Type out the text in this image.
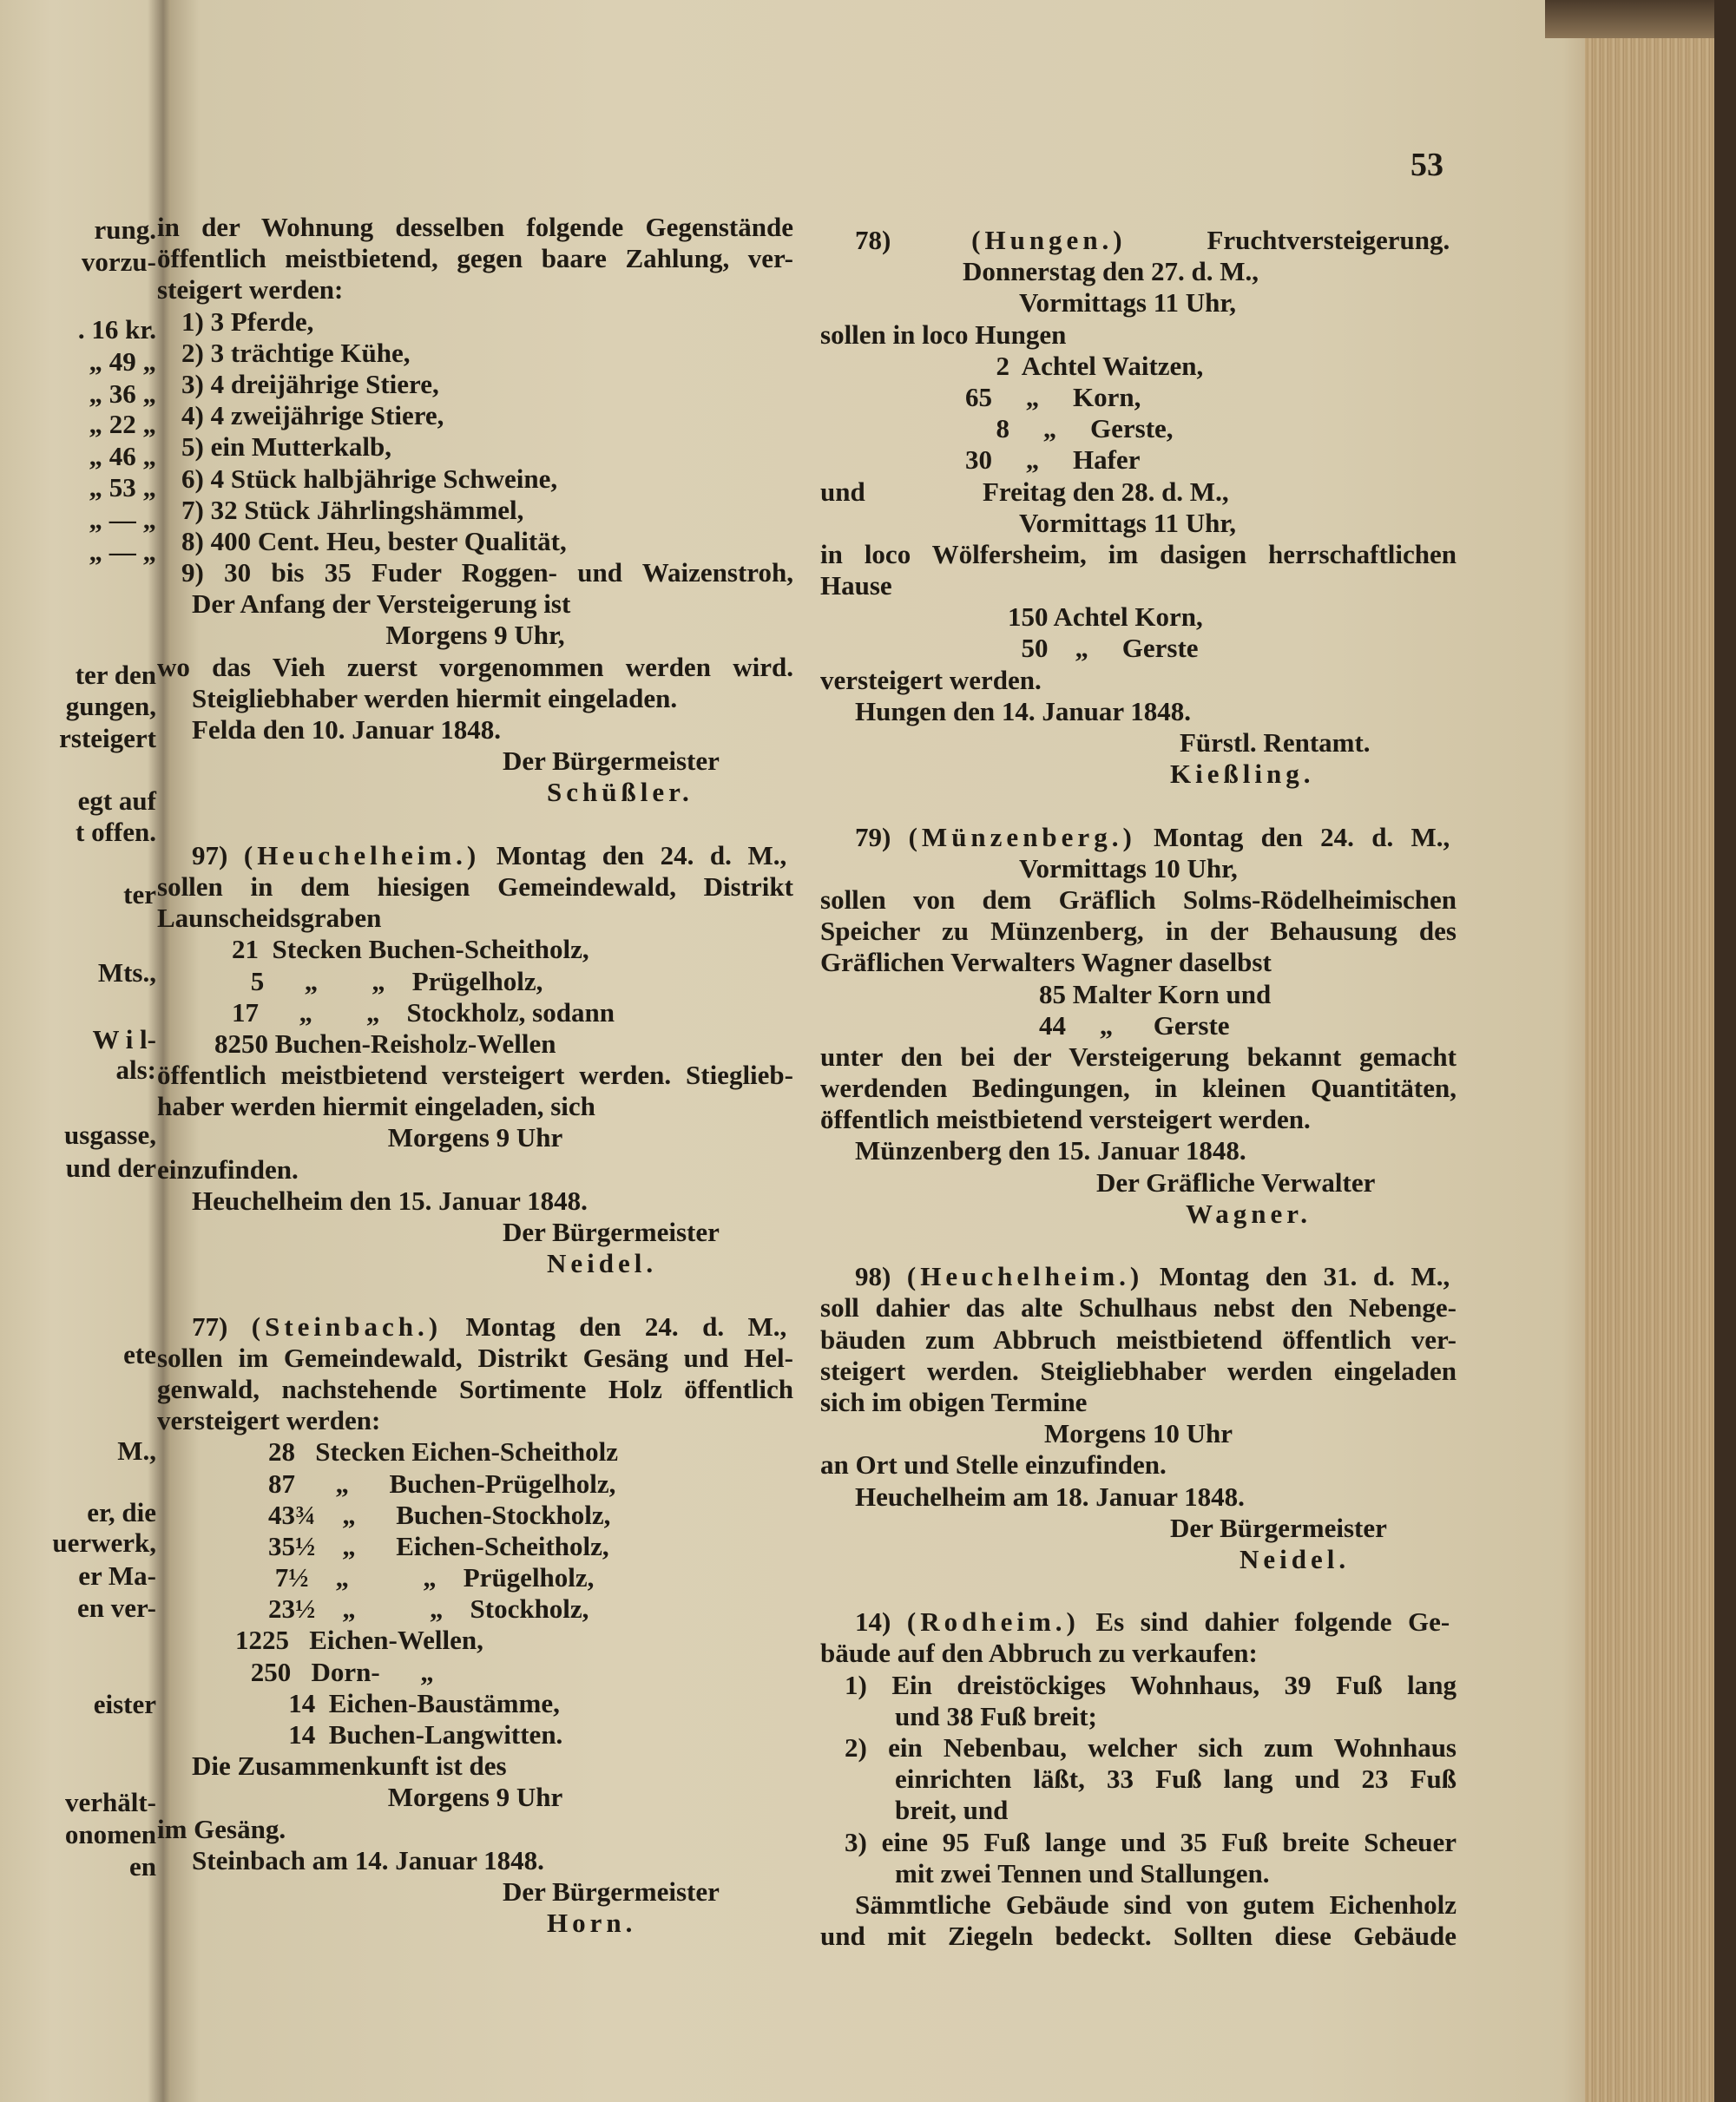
53
rung.
vorzu-
. 16 kr.
„ 49 „
„ 36 „
„ 22 „
„ 46 „
„ 53 „
„ — „
„ — „
ter den
gungen,
rsteigert
egt auf
t offen.
ter
Mts.,
W i l-
als:
usgasse,
und der
ete
M.,
er, die
uerwerk,
er Ma-
en ver-
eister
verhält-
onomen
en
in der Wohnung desselben folgende Gegenstände
öffentlich meistbietend, gegen baare Zahlung, ver-
steigert werden:
1) 3 Pferde,
2) 3 trächtige Kühe,
3) 4 dreijährige Stiere,
4) 4 zweijährige Stiere,
5) ein Mutterkalb,
6) 4 Stück halbjährige Schweine,
7) 32 Stück Jährlingshämmel,
8) 400 Cent. Heu, bester Qualität,
9) 30 bis 35 Fuder Roggen- und Waizenstroh,
Der Anfang der Versteigerung ist
Morgens 9 Uhr,
wo das Vieh zuerst vorgenommen werden wird.
Steigliebhaber werden hiermit eingeladen.
Felda den 10. Januar 1848.
Der Bürgermeister
Schüßler.
97) (Heuchelheim.) Montag den 24. d. M.,
sollen in dem hiesigen Gemeindewald, Distrikt
Launscheidsgraben
21  Stecken Buchen-Scheitholz,
5      „        „    Prügelholz,
17      „        „    Stockholz, sodann
8250 Buchen-Reisholz-Wellen
öffentlich meistbietend versteigert werden. Stieglieb-
haber werden hiermit eingeladen, sich
Morgens 9 Uhr
einzufinden.
Heuchelheim den 15. Januar 1848.
Der Bürgermeister
Neidel.
77) (Steinbach.) Montag den 24. d. M.,
sollen im Gemeindewald, Distrikt Gesäng und Hel-
genwald, nachstehende Sortimente Holz öffentlich
versteigert werden:
28   Stecken Eichen-Scheitholz
87      „      Buchen-Prügelholz,
43¾    „      Buchen-Stockholz,
35½    „      Eichen-Scheitholz,
7½    „           „    Prügelholz,
23½    „           „    Stockholz,
1225   Eichen-Wellen,
250   Dorn-      „
14  Eichen-Baustämme,
14  Buchen-Langwitten.
Die Zusammenkunft ist des
Morgens 9 Uhr
im Gesäng.
Steinbach am 14. Januar 1848.
Der Bürgermeister
Horn.
78)	(Hungen.)	Fruchtversteigerung.
Donnerstag den 27. d. M.,
Vormittags 11 Uhr,
sollen in loco Hungen
2  Achtel Waitzen,
65     „     Korn,
8     „     Gerste,
30     „     Hafer
und	Freitag den 28. d. M.,
Vormittags 11 Uhr,
in loco Wölfersheim, im dasigen herrschaftlichen
Hause
150 Achtel Korn,
50    „     Gerste
versteigert werden.
Hungen den 14. Januar 1848.
Fürstl. Rentamt.
Kießling.
79) (Münzenberg.) Montag den 24. d. M.,
Vormittags 10 Uhr,
sollen von dem Gräflich Solms-Rödelheimischen
Speicher zu Münzenberg, in der Behausung des
Gräflichen Verwalters Wagner daselbst
85 Malter Korn und
44     „      Gerste
unter den bei der Versteigerung bekannt gemacht
werdenden Bedingungen, in kleinen Quantitäten,
öffentlich meistbietend versteigert werden.
Münzenberg den 15. Januar 1848.
Der Gräfliche Verwalter
Wagner.
98) (Heuchelheim.) Montag den 31. d. M.,
soll dahier das alte Schulhaus nebst den Nebenge-
bäuden zum Abbruch meistbietend öffentlich ver-
steigert werden. Steigliebhaber werden eingeladen
sich im obigen Termine
Morgens 10 Uhr
an Ort und Stelle einzufinden.
Heuchelheim am 18. Januar 1848.
Der Bürgermeister
Neidel.
14) (Rodheim.) Es sind dahier folgende Ge-
bäude auf den Abbruch zu verkaufen:
1) Ein dreistöckiges Wohnhaus, 39 Fuß lang
und 38 Fuß breit;
2) ein Nebenbau, welcher sich zum Wohnhaus
einrichten läßt, 33 Fuß lang und 23 Fuß
breit, und
3) eine 95 Fuß lange und 35 Fuß breite Scheuer
mit zwei Tennen und Stallungen.
Sämmtliche Gebäude sind von gutem Eichenholz
und mit Ziegeln bedeckt. Sollten diese Gebäude
